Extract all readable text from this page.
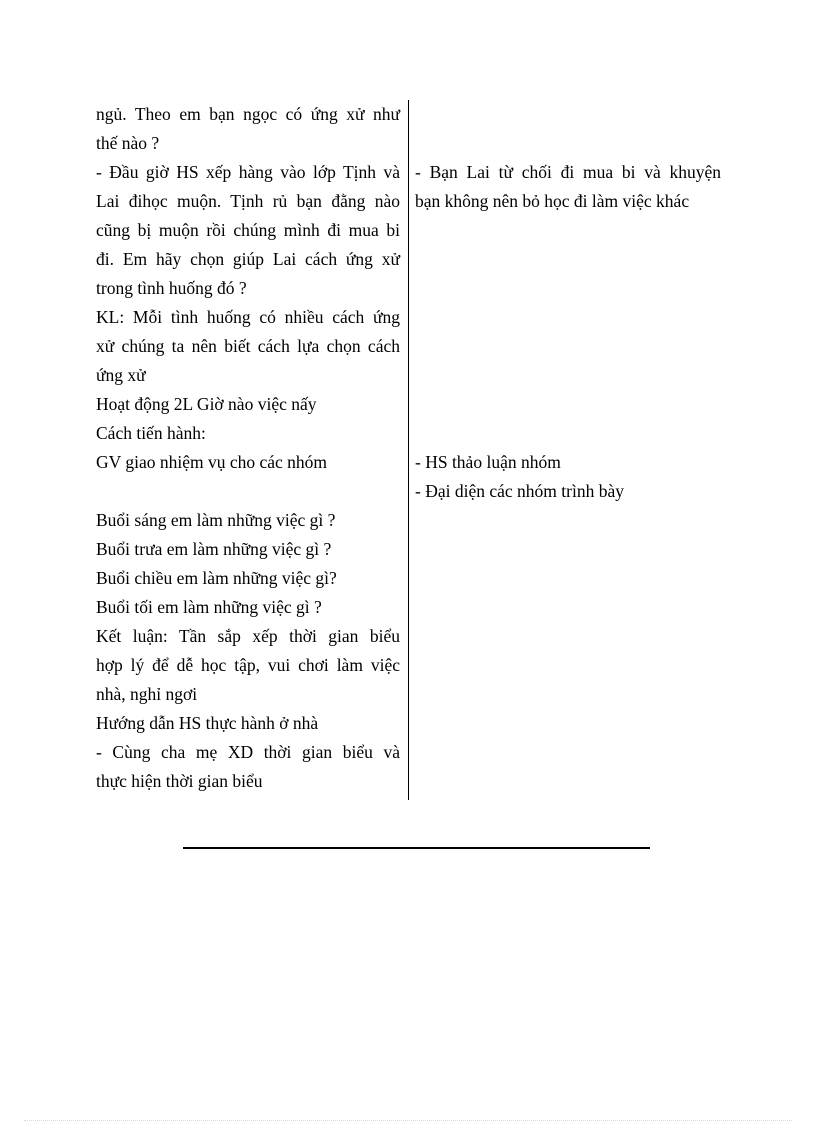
ngủ. Theo em bạn ngọc có ứng xử như
thế nào ?
- Đầu giờ HS xếp hàng vào lớp Tịnh và
Lai đihọc muộn. Tịnh rủ bạn đằng nào
cũng bị muộn rồi chúng mình đi mua bi
đi. Em hãy chọn giúp Lai cách ứng xử
trong tình huống đó ?
KL: Mỗi tình huống có nhiều cách ứng
xử chúng ta nên biết cách lựa chọn cách
ứng xử
Hoạt động 2L Giờ nào việc nấy
Cách tiến hành:
GV giao nhiệm vụ cho các nhóm
Buổi sáng em làm những việc gì ?
Buổi trưa em làm những việc gì ?
Buổi chiều em làm những việc gì?
Buổi tối em làm những việc gì ?
Kết luận: Tần sắp xếp thời gian biểu
hợp lý để dễ học tập, vui chơi làm việc
nhà, nghỉ ngơi
Hướng dẫn HS thực hành ở nhà
- Cùng cha mẹ XD thời gian biểu và
thực hiện thời gian biểu
- Bạn Lai từ chối đi mua bi và khuyện
bạn không nên bỏ học đi làm việc khác
- HS thảo luận nhóm
- Đại diện các nhóm trình bày
